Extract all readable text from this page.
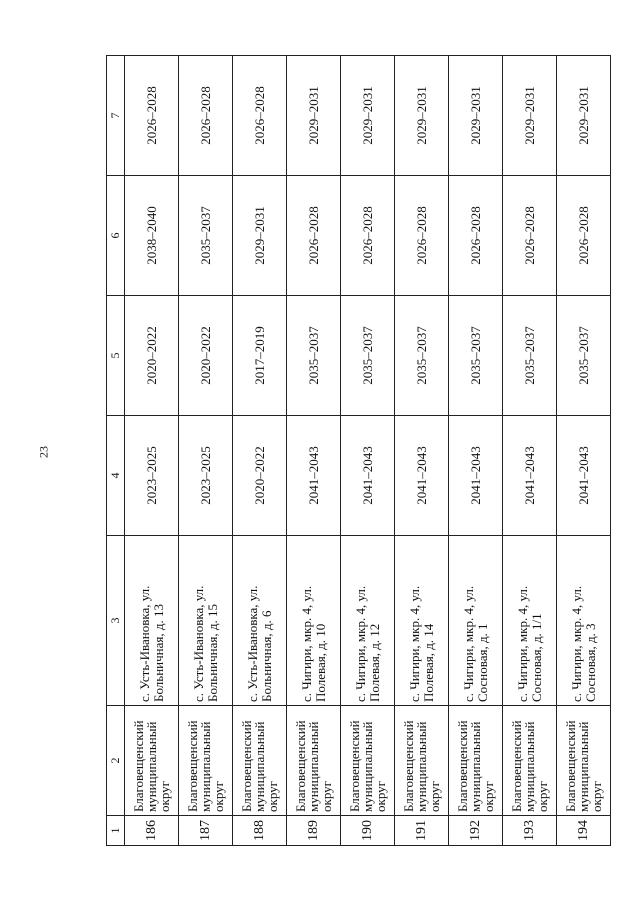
23
1	2	3	4	5	6	7
186	Благовещенский муниципальный округ	с. Усть-Ивановка, ул. Больничная, д. 13	2023–2025	2020–2022	2038–2040	2026–2028
187	Благовещенский муниципальный округ	с. Усть-Ивановка, ул. Больничная, д. 15	2023–2025	2020–2022	2035–2037	2026–2028
188	Благовещенский муниципальный округ	с. Усть-Ивановка, ул. Больничная, д. 6	2020–2022	2017–2019	2029–2031	2026–2028
189	Благовещенский муниципальный округ	с. Чигири, мкр. 4, ул. Полевая, д. 10	2041–2043	2035–2037	2026–2028	2029–2031
190	Благовещенский муниципальный округ	с. Чигири, мкр. 4, ул. Полевая, д. 12	2041–2043	2035–2037	2026–2028	2029–2031
191	Благовещенский муниципальный округ	с. Чигири, мкр. 4, ул. Полевая, д. 14	2041–2043	2035–2037	2026–2028	2029–2031
192	Благовещенский муниципальный округ	с. Чигири, мкр. 4, ул. Сосновая, д. 1	2041–2043	2035–2037	2026–2028	2029–2031
193	Благовещенский муниципальный округ	с. Чигири, мкр. 4, ул. Сосновая, д. 1/1	2041–2043	2035–2037	2026–2028	2029–2031
194	Благовещенский муниципальный округ	с. Чигири, мкр. 4, ул. Сосновая, д. 3	2041–2043	2035–2037	2026–2028	2029–2031
